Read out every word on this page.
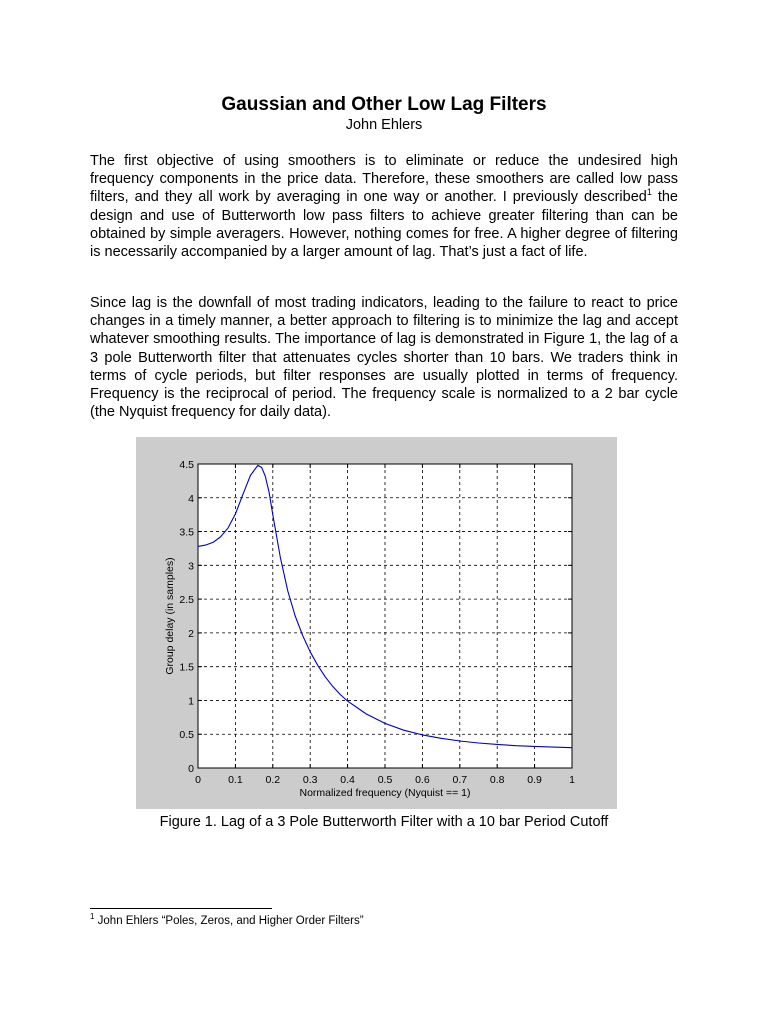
Gaussian and Other Low Lag Filters

John Ehlers

The first objective of using smoothers is to eliminate or reduce the undesired high frequency components in the price data. Therefore, these smoothers are called low pass filters, and they all work by averaging in one way or another. I previously described$^1$ the design and use of Butterworth low pass filters to achieve greater filtering than can be obtained by simple averagers. However, nothing comes for free. A higher degree of filtering is necessarily accompanied by a larger amount of lag. That’s just a fact of life.

Since lag is the downfall of most trading indicators, leading to the failure to react to price changes in a timely manner, a better approach to filtering is to minimize the lag and accept whatever smoothing results. The importance of lag is demonstrated in Figure 1, the lag of a 3 pole Butterworth filter that attenuates cycles shorter than 10 bars. We traders think in terms of cycle periods, but filter responses are usually plotted in terms of frequency. Frequency is the reciprocal of period. The frequency scale is normalized to a 2 bar cycle (the Nyquist frequency for daily data).

0	0.1 0.2 0.3 0.4 0.5 0.6 0.7 0.8 0.9	1
0
0.5
1
1.5
2
2.5
3
3.5
4
4.5
Normalized frequency (Nyquist == 1)
Group delay (in samples)

Figure 1. Lag of a 3 Pole Butterworth Filter with a 10 bar Period Cutoff

$^1$ John Ehlers “Poles, Zeros, and Higher Order Filters”
